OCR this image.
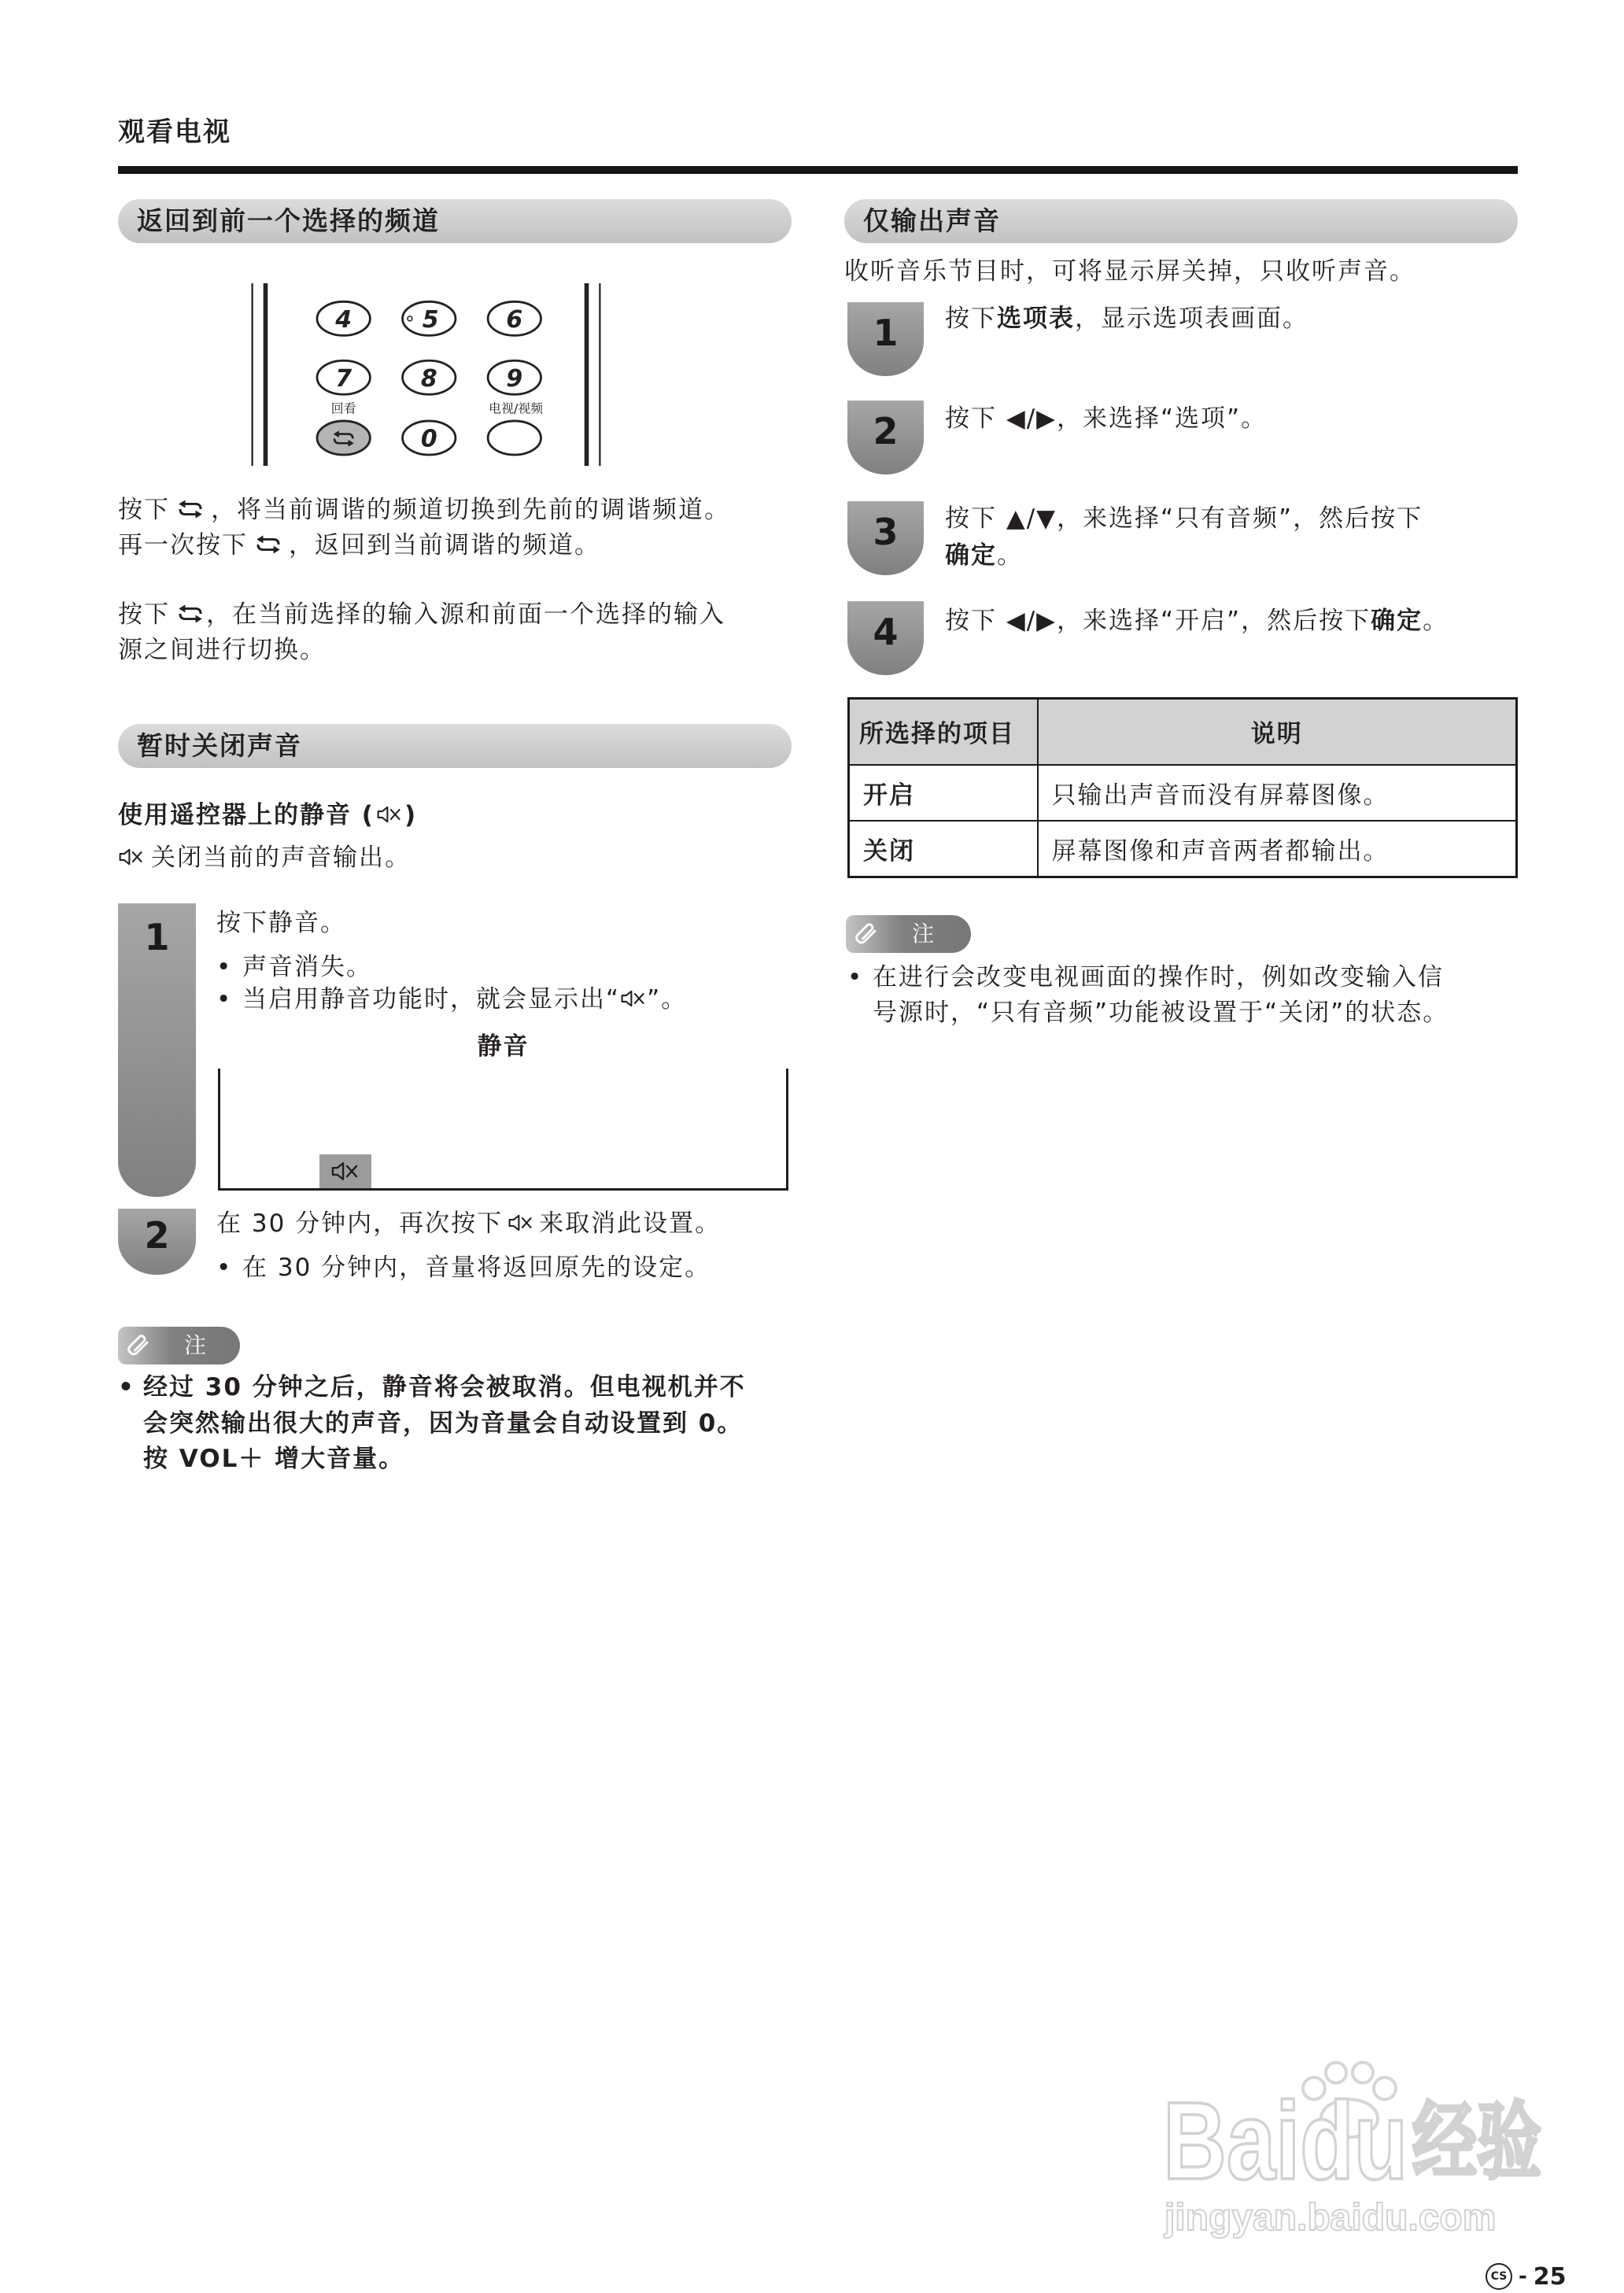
观看电视
返回到前一个选择的频道
4	5	6
7	8	9
回看	电视/视频
0
按下 ，将当前调谐的频道切换到先前的调谐频道。
再一次按下 ，返回到当前调谐的频道。
按下 ，在当前选择的输入源和前面一个选择的输入
源之间进行切换。
暂时关闭声音
使用遥控器上的静音 ( )
关闭当前的声音输出。
1	按下静音。
• 声音消失。
• 当启用静音功能时，就会显示出“ ”。
静音
2	在 30 分钟内，再次按下 来取消此设置。
• 在 30 分钟内，音量将返回原先的设定。
注
• 经过 30 分钟之后，静音将会被取消。但电视机并不
会突然输出很大的声音，因为音量会自动设置到 0。
按 VOL＋ 增大音量。
仅输出声音
收听音乐节目时，可将显示屏关掉，只收听声音。
1	按下选项表，显示选项表画面。
2	按下 ◀/▶，来选择“选项”。
3	按下 ▲/▼，来选择“只有音频”，然后按下
确定。
4	按下 ◀/▶，来选择“开启”，然后按下确定。
所选择的项目	说明
开启	只输出声音而没有屏幕图像。
关闭	屏幕图像和声音两者都输出。
注
• 在进行会改变电视画面的操作时，例如改变输入信
号源时，“只有音频”功能被设置于“关闭”的状态。
Baidu 经验
jingyan.baidu.com
CS - 25
